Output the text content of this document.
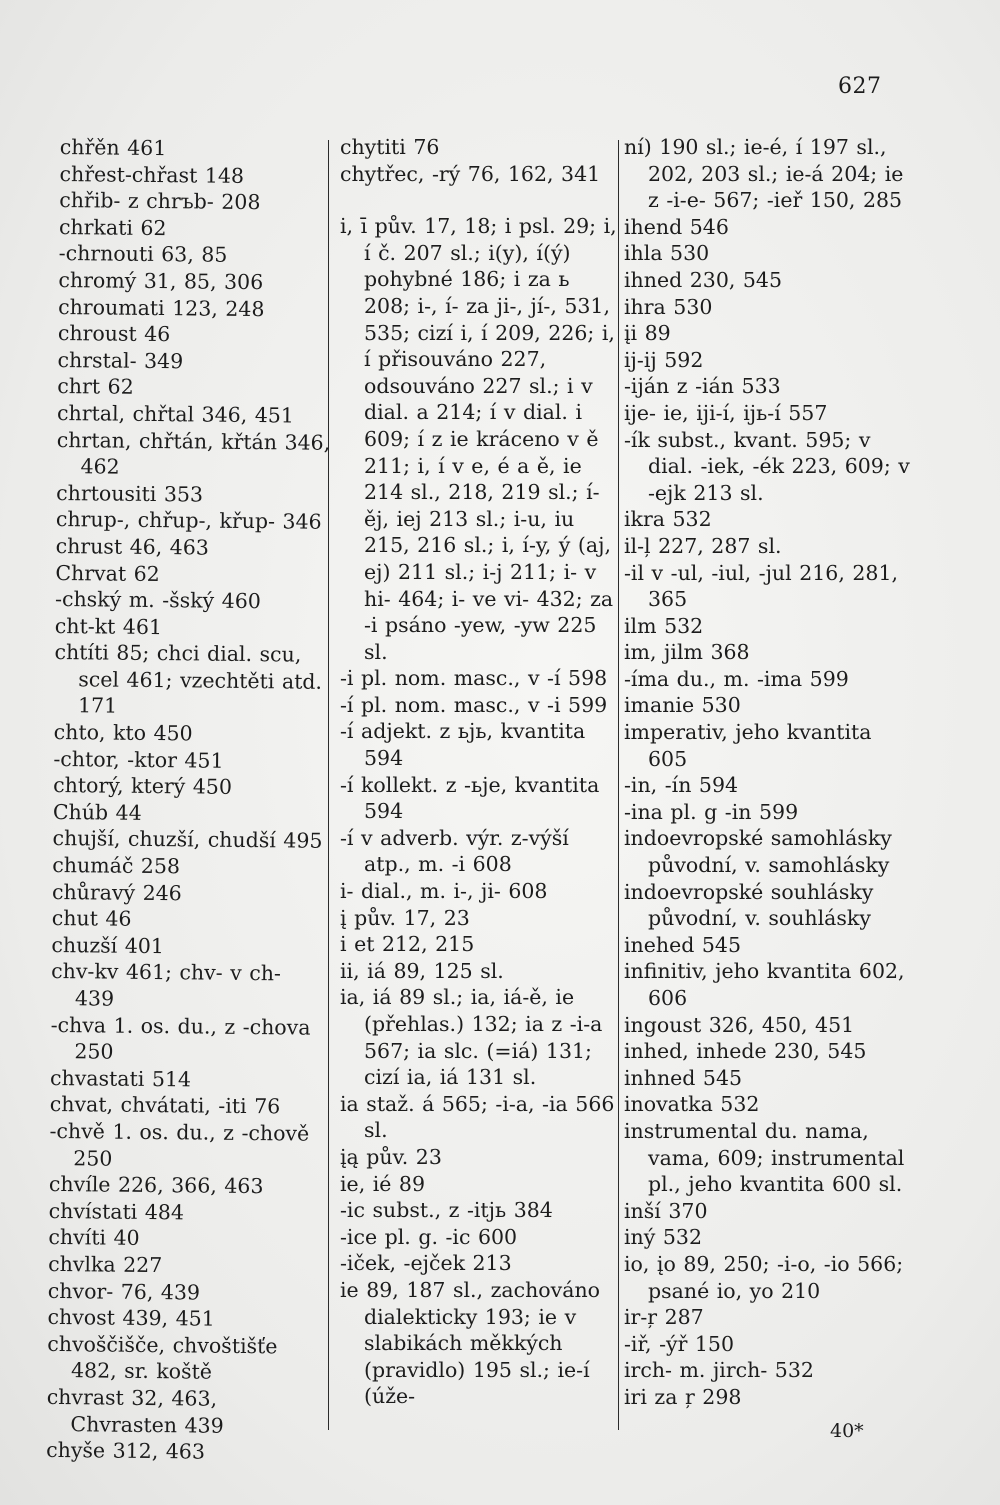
627
chřěn 461
chřest-chřast 148
chřib- z chrъb- 208
chrkati 62
-chrnouti 63, 85
chromý 31, 85, 306
chroumati 123, 248
chroust 46
chrstal- 349
chrt 62
chrtal, chřtal 346, 451
chrtan, chřtán, křtán 346, 462
chrtousiti 353
chrup-, chřup-, křup- 346
chrust 46, 463
Chrvat 62
-chský m. -šský 460
cht-kt 461
chtíti 85; chci dial. scu, scel 461; vzechtěti atd. 171
chto, kto 450
-chtor, -ktor 451
chtorý, který 450
Chúb 44
chujší, chuzší, chudší 495
chumáč 258
chůravý 246
chut 46
chuzší 401
chv-kv 461; chv- v ch- 439
-chva 1. os. du., z -chova 250
chvastati 514
chvat, chvátati, -iti 76
-chvě 1. os. du., z -chově 250
chvíle 226, 366, 463
chvístati 484
chvíti 40
chvlka 227
chvor- 76, 439
chvost 439, 451
chvoščišče, chvoštišťe 482, sr. koště
chvrast 32, 463, Chvrasten 439
chyše 312, 463
chytiti 76
chytřec, -rý 76, 162, 341
i, ī pův. 17, 18; i psl. 29; i, í č. 207 sl.; i(y), í(ý) pohybné 186; i za ь 208; i-, í- za ji-, jí-, 531, 535; cizí i, í 209, 226; i, í přisouváno 227, odsouváno 227 sl.; i v dial. a 214; í v dial. i 609; í z ie kráceno v ě 211; i, í v e, é a ě, ie 214 sl., 218, 219 sl.; í-ěj, iej 213 sl.; i-u, iu 215, 216 sl.; i, í-y, ý (aj, ej) 211 sl.; i-j 211; i- v hi- 464; i- ve vi- 432; za -i psáno -yew, -yw 225 sl.
-i pl. nom. masc., v -í 598
-í pl. nom. masc., v -i 599
-í adjekt. z ьjь, kvantita 594
-í kollekt. z -ьje, kvantita 594
-í v adverb. výr. z-výší atp., m. -i 608
i- dial., m. i-, ji- 608
į pův. 17, 23
i et 212, 215
ii, iá 89, 125 sl.
ia, iá 89 sl.; ia, iá-ě, ie (přehlas.) 132; ia z -i-a 567; ia slc. (=iá) 131; cizí ia, iá 131 sl.
ia staž. á 565; -i-a, -ia 566 sl.
įą pův. 23
ie, ié 89
-ic subst., z -itjь 384
-ice pl. g. -ic 600
-iček, -ejček 213
ie 89, 187 sl., zachováno dialekticky 193; ie v slabikách měkkých (pravidlo) 195 sl.; ie-í (úže-
ní) 190 sl.; ie-é, í 197 sl., 202, 203 sl.; ie-á 204; ie z -i-e- 567; -ieř 150, 285
ihend 546
ihla 530
ihned 230, 545
ihra 530
įi 89
ij-ij 592
-iján z -ián 533
ije- ie, iji-í, ijь-í 557
-ík subst., kvant. 595; v dial. -iek, -ék 223, 609; v -ejk 213 sl.
ikra 532
il-ļ 227, 287 sl.
-il v -ul, -iul, -jul 216, 281, 365
ilm 532
im, jilm 368
-íma du., m. -ima 599
imanie 530
imperativ, jeho kvantita 605
-in, -ín 594
-ina pl. g -in 599
indoevropské samohlásky původní, v. samohlásky
indoevropské souhlásky původní, v. souhlásky
inehed 545
infinitiv, jeho kvantita 602, 606
ingoust 326, 450, 451
inhed, inhede 230, 545
inhned 545
inovatka 532
instrumental du. nama, vama, 609; instrumental pl., jeho kvantita 600 sl.
inší 370
iný 532
io, įo 89, 250; -i-o, -io 566; psané io, yo 210
ir-ŗ 287
-iř, -ýř 150
irch- m. jirch- 532
iri za ŗ 298
40*
